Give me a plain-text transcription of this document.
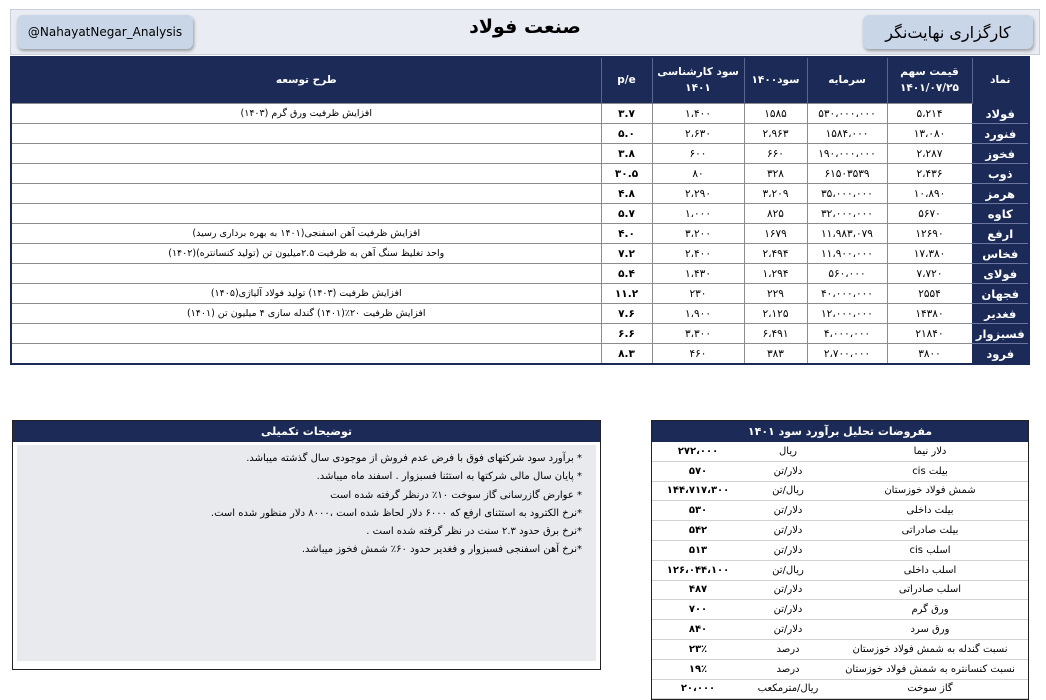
@NahayatNegar_Analysis	صنعت فولاد	کارگزاری نهایت‌نگر
نماد	قیمت سهم
۱۴۰۱/۰۷/۲۵	سرمایه	سود۱۴۰۰	سود کارشناسی ۱۴۰۱	p/e	طرح توسعه
فولاد	۵،۲۱۴	۵۳۰،۰۰۰،۰۰۰	۱۵۸۵	۱،۴۰۰	۳.۷	افزایش ظرفیت ورق گرم (۱۴۰۳)
فنورد	۱۳،۰۸۰	۱۵۸۴،۰۰۰	۲،۹۶۳	۲،۶۳۰	۵.۰	
فخوز	۲،۲۸۷	۱۹۰،۰۰۰،۰۰۰	۶۶۰	۶۰۰	۳.۸	
ذوب	۲،۴۳۶	۶۱۵۰۳۵۳۹	۳۲۸	۸۰	۳۰.۵	
هرمز	۱۰،۸۹۰	۳۵،۰۰۰،۰۰۰	۳،۲۰۹	۲،۲۹۰	۴.۸	
کاوه	۵۶۷۰	۳۲،۰۰۰،۰۰۰	۸۲۵	۱،۰۰۰	۵.۷	
ارفع	۱۲۶۹۰	۱۱،۹۸۳،۰۷۹	۱۶۷۹	۳،۲۰۰	۴.۰	افزایش ظرفیت آهن اسفنجی(۱۴۰۱ به بهره برداری رسید)
فخاس	۱۷،۳۸۰	۱۱،۹۰۰،۰۰۰	۲،۴۹۴	۲،۴۰۰	۷.۲	واحد تغلیظ سنگ آهن به ظرفیت ۲.۵میلیون تن (تولید کنسانتره)(۱۴۰۲)
فولای	۷،۷۲۰	۵۶۰،۰۰۰	۱،۲۹۴	۱،۴۳۰	۵.۴	
فجهان	۲۵۵۴	۴۰،۰۰۰،۰۰۰	۲۲۹	۲۳۰	۱۱.۲	افزایش ظرفیت (۱۴۰۳) تولید فولاد آلیاژی(۱۴۰۵)
فغدیر	۱۴۳۸۰	۱۲،۰۰۰،۰۰۰	۲،۱۲۵	۱،۹۰۰	۷.۶	افزایش ظرفیت ۲۰٪(۱۴۰۱) گندله سازی ۴ میلیون تن (۱۴۰۱)
فسبزوار	۲۱۸۴۰	۴،۰۰۰،۰۰۰	۶،۴۹۱	۳،۳۰۰	۶.۶	
فرود	۳۸۰۰	۲،۷۰۰،۰۰۰	۳۸۳	۴۶۰	۸.۳	
توضیحات تکمیلی
* برآورد سود شرکتهای فوق با فرض عدم فروش از موجودی سال گذشته میباشد.
* پایان سال مالی شرکتها به استثنا فسبزوار . اسفند ماه میباشد.
* عوارض گازرسانی گاز سوخت ۱۰٪ درنظر گرفته شده است
*نرخ الکترود به استثنای ارفع که ۶۰۰۰ دلار لحاظ شده است ،۸۰۰۰ دلار منظور شده است.
*نرخ برق حدود ۲.۳ سنت در نظر گرفته شده است .
*نرخ آهن اسفنجی فسبزوار و فغدیر حدود ۶۰٪ شمش فخوز میباشد.
مفروضات تحلیل برآورد سود ۱۴۰۱
دلار نیما	ریال	۲۷۲،۰۰۰
بیلت cis	دلار/تن	۵۷۰
شمش فولاد خوزستان	ریال/تن	۱۴۴،۷۱۷،۳۰۰
بیلت داخلی	دلار/تن	۵۳۰
بیلت صادراتی	دلار/تن	۵۴۲
اسلب cis	دلار/تن	۵۱۳
اسلب داخلی	ریال/تن	۱۲۶،۰۴۴،۱۰۰
اسلب صادراتی	دلار/تن	۴۸۷
ورق گرم	دلار/تن	۷۰۰
ورق سرد	دلار/تن	۸۴۰
نسبت گندله به شمش فولاد خوزستان	درصد	۲۳٪
نسبت کنسانتره به شمش فولاد خوزستان	درصد	۱۹٪
گاز سوخت	ریال/مترمکعب	۲۰،۰۰۰
